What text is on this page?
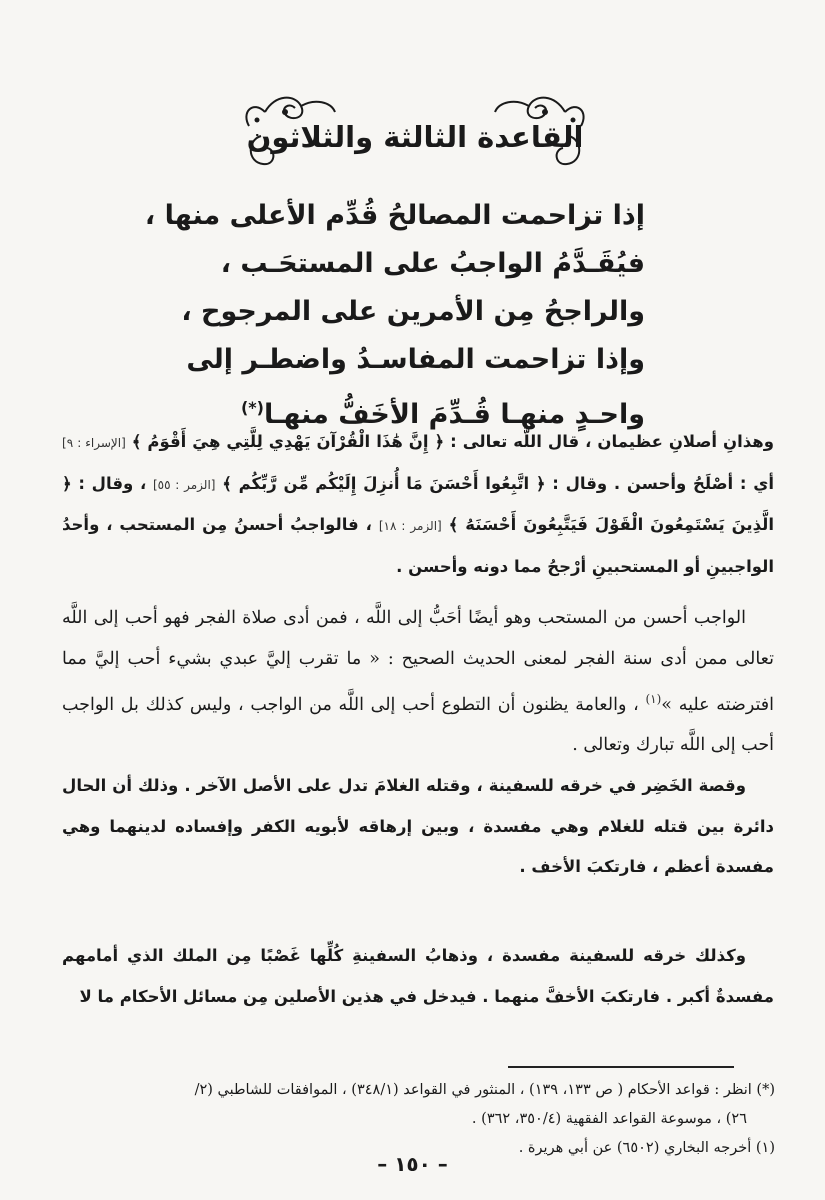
القاعدة الثالثة والثلاثون
إذا تزاحمت المصالحُ قُدِّم الأعلى منها ،
فيُقَـدَّمُ الواجبُ على المستحَـب ،
والراجحُ مِن الأمرين على المرجوح ،
وإذا تزاحمت المفاسـدُ واضطـر إلى
واحـدٍ منهـا قُـدِّمَ الأخَفُّ منهـا(*)

وهذانِ أصلانِ عظيمان ، قال اللَّه تعالى : ﴿ إِنَّ هَٰذَا الْقُرْآنَ يَهْدِي لِلَّتِي هِيَ أَقْوَمُ ﴾ [الإسراء : ٩] أي : أصْلَحُ وأحسن . وقال : ﴿ اتَّبِعُوا أَحْسَنَ مَا أُنزِلَ إِلَيْكُم مِّن رَّبِّكُم ﴾ [الزمر : ٥٥] ، وقال : ﴿ الَّذِينَ يَسْتَمِعُونَ الْقَوْلَ فَيَتَّبِعُونَ أَحْسَنَهُ ﴾ [الزمر : ١٨] ، فالواجبُ أحسنُ مِن المستحب ، وأحدُ الواجبينِ أو المستحبينِ أرْجحُ مما دونه وأحسن .

الواجب أحسن من المستحب وهو أيضًا أحَبُّ إلى اللَّه ، فمن أدى صلاة الفجر فهو أحب إلى اللَّه تعالى ممن أدى سنة الفجر لمعنى الحديث الصحيح : « ما تقرب إليَّ عبدي بشيء أحب إليَّ مما افترضته عليه »$^{(١)}$ ، والعامة يظنون أن التطوع أحب إلى اللَّه من الواجب ، وليس كذلك بل الواجب أحب إلى اللَّه تبارك وتعالى .

وقصة الخَضِر في خرقه للسفينة ، وقتله الغلامَ تدل على الأصل الآخر . وذلك أن الحال دائرة بين قتله للغلام وهي مفسدة ، وبين إرهاقه لأبويه الكفر وإفساده لدينهما وهي مفسدة أعظم ، فارتكبَ الأخف .

وكذلك خرقه للسفينة مفسدة ، وذهابُ السفينةِ كُلِّها غَصْبًا مِن الملك الذي أمامهم مفسدةٌ أكبر . فارتكبَ الأخفَّ منهما . فيدخل في هذين الأصلين مِن مسائل الأحكام ما لا

(*) انظر : قواعد الأحكام ( ص ١٣٣، ١٣٩) ، المنثور في القواعد (٣٤٨/١) ، الموافقات للشاطبي (٢/

٢٦) ، موسوعة القواعد الفقهية (٣٥٠/٤، ٣٦٢) .

(١) أخرجه البخاري (٦٥٠٢) عن أبي هريرة .

– ١٥٠ –
